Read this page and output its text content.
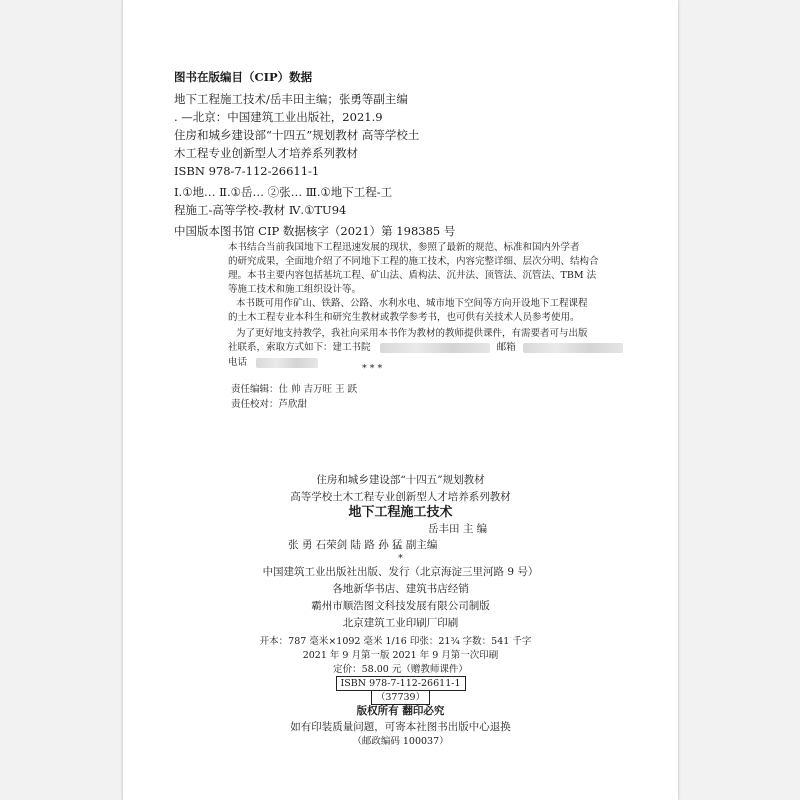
图书在版编目（CIP）数据
地下工程施工技术/岳丰田主编；张勇等副主编
. —北京：中国建筑工业出版社，2021.9
住房和城乡建设部“十四五”规划教材 高等学校土
木工程专业创新型人才培养系列教材
ISBN 978-7-112-26611-1
Ⅰ.①地… Ⅱ.①岳… ②张… Ⅲ.①地下工程-工
程施工-高等学校-教材 Ⅳ.①TU94
中国版本图书馆 CIP 数据核字（2021）第 198385 号
本书结合当前我国地下工程迅速发展的现状，参照了最新的规范、标准和国内外学者
的研究成果，全面地介绍了不同地下工程的施工技术，内容完整详细、层次分明、结构合
理。本书主要内容包括基坑工程、矿山法、盾构法、沉井法、顶管法、沉管法、TBM 法
等施工技术和施工组织设计等。
本书既可用作矿山、铁路、公路、水利水电、城市地下空间等方向开设地下工程课程
的土木工程专业本科生和研究生教材或教学参考书，也可供有关技术人员参考使用。
为了更好地支持教学，我社向采用本书作为教材的教师提供课件，有需要者可与出版
社联系，索取方式如下：建工书院	邮箱
电话
* * *
责任编辑：仕 帅 吉万旺 王 跃
责任校对：芦欣甜
住房和城乡建设部“十四五”规划教材
高等学校土木工程专业创新型人才培养系列教材
地下工程施工技术
岳丰田 主 编
张 勇 石荣剑 陆 路 孙 猛 副主编
*
中国建筑工业出版社出版、发行（北京海淀三里河路 9 号）
各地新华书店、建筑书店经销
霸州市顺浩图文科技发展有限公司制版
北京建筑工业印刷厂印刷
开本：787 毫米×1092 毫米 1/16 印张：21¾ 字数：541 千字
2021 年 9 月第一版 2021 年 9 月第一次印刷
定价：58.00 元（赠教师课件）
ISBN 978-7-112-26611-1
（37739）
版权所有 翻印必究
如有印装质量问题，可寄本社图书出版中心退换
（邮政编码 100037）
